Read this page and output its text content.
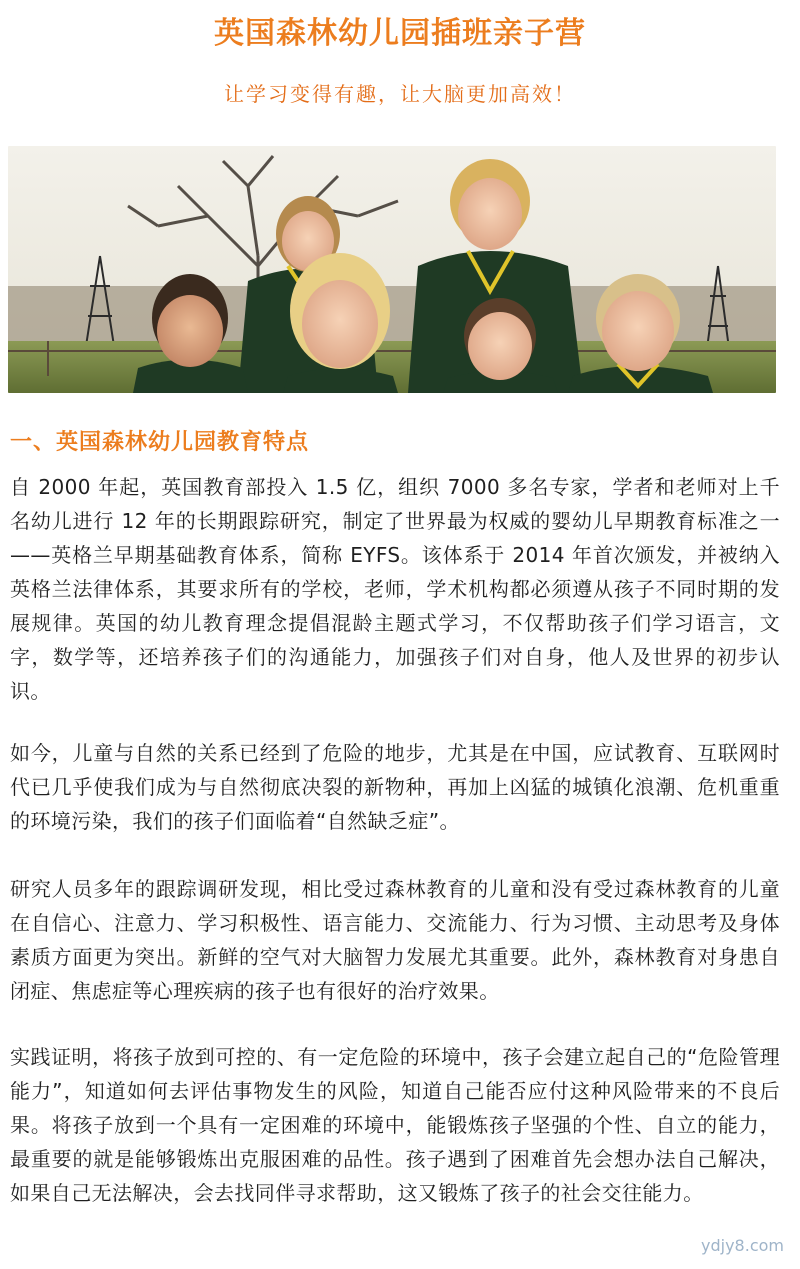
英国森林幼儿园插班亲子营
让学习变得有趣，让大脑更加高效！
一、英国森林幼儿园教育特点
自 2000 年起，英国教育部投入 1.5 亿，组织 7000 多名专家，学者和老师对上千名幼儿进行 12 年的长期跟踪研究，制定了世界最为权威的婴幼儿早期教育标准之一——英格兰早期基础教育体系，简称 EYFS。该体系于 2014 年首次颁发，并被纳入英格兰法律体系，其要求所有的学校，老师，学术机构都必须遵从孩子不同时期的发展规律。英国的幼儿教育理念提倡混龄主题式学习，不仅帮助孩子们学习语言，文字，数学等，还培养孩子们的沟通能力，加强孩子们对自身，他人及世界的初步认识。
如今，儿童与自然的关系已经到了危险的地步，尤其是在中国，应试教育、互联网时代已几乎使我们成为与自然彻底决裂的新物种，再加上凶猛的城镇化浪潮、危机重重的环境污染，我们的孩子们面临着“自然缺乏症”。
研究人员多年的跟踪调研发现，相比受过森林教育的儿童和没有受过森林教育的儿童在自信心、注意力、学习积极性、语言能力、交流能力、行为习惯、主动思考及身体素质方面更为突出。新鲜的空气对大脑智力发展尤其重要。此外，森林教育对身患自闭症、焦虑症等心理疾病的孩子也有很好的治疗效果。
实践证明，将孩子放到可控的、有一定危险的环境中，孩子会建立起自己的“危险管理能力”，知道如何去评估事物发生的风险，知道自己能否应付这种风险带来的不良后果。将孩子放到一个具有一定困难的环境中，能锻炼孩子坚强的个性、自立的能力，最重要的就是能够锻炼出克服困难的品性。孩子遇到了困难首先会想办法自己解决，如果自己无法解决，会去找同伴寻求帮助，这又锻炼了孩子的社会交往能力。
ydjy8.com
